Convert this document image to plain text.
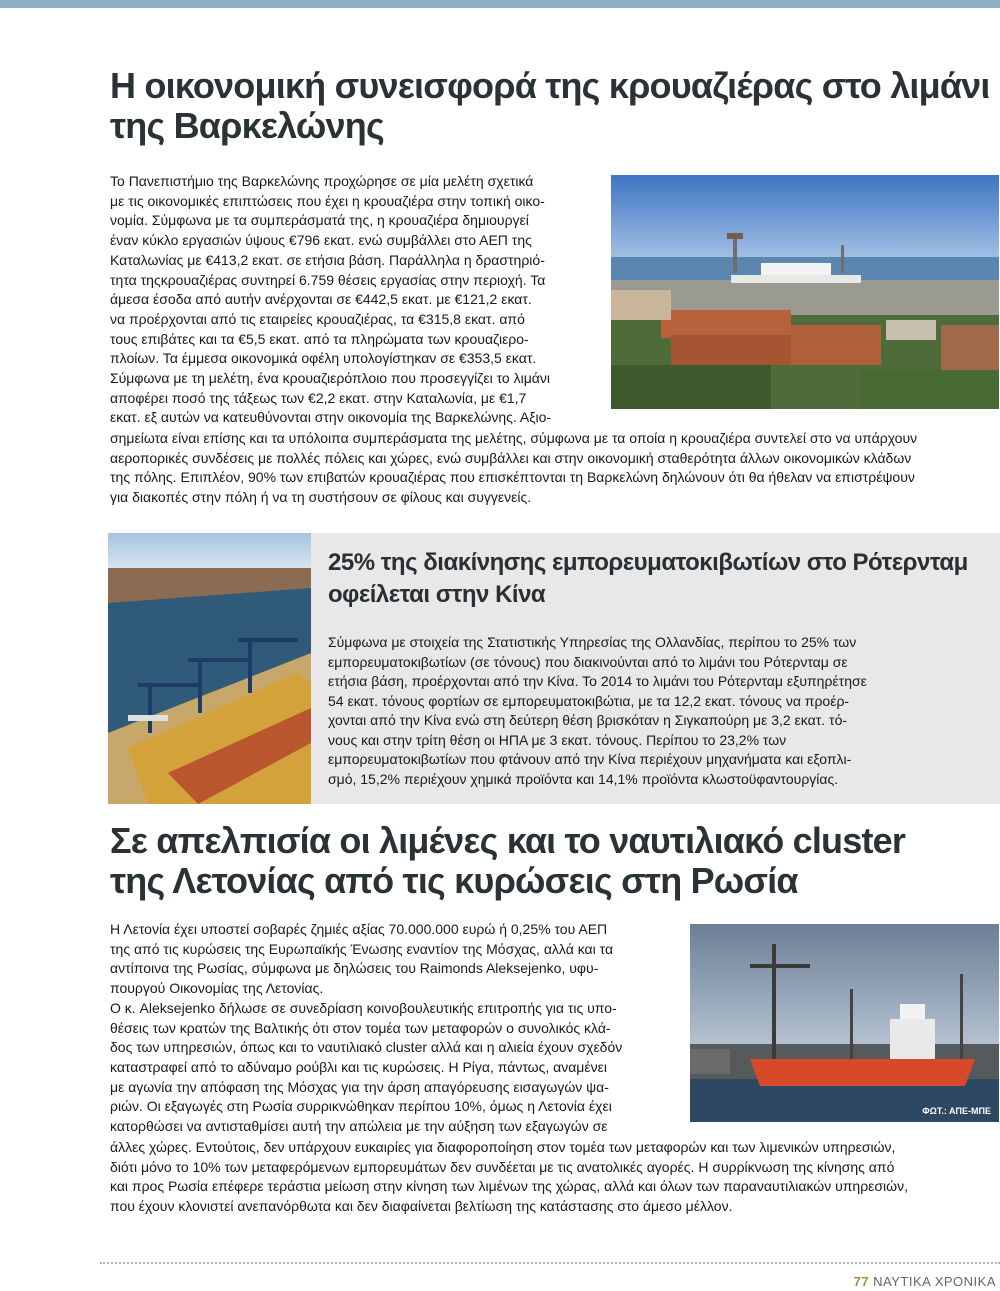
Η οικονομική συνεισφορά της κρουαζιέρας στο λιμάνι
της Βαρκελώνης
Το Πανεπιστήμιο της Βαρκελώνης προχώρησε σε μία μελέτη σχετικά
με τις οικονομικές επιπτώσεις που έχει η κρουαζιέρα στην τοπική οικο-
νομία. Σύμφωνα με τα συμπεράσματά της, η κρουαζιέρα δημιουργεί
έναν κύκλο εργασιών ύψους €796 εκατ. ενώ συμβάλλει στο ΑΕΠ της
Καταλωνίας με €413,2 εκατ. σε ετήσια βάση. Παράλληλα η δραστηριό-
τητα τηςκρουαζιέρας συντηρεί 6.759 θέσεις εργασίας στην περιοχή. Τα
άμεσα έσοδα από αυτήν ανέρχονται σε €442,5 εκατ. με €121,2 εκατ.
να προέρχονται από τις εταιρείες κρουαζιέρας, τα €315,8 εκατ. από
τους επιβάτες και τα €5,5 εκατ. από τα πληρώματα των κρουαζιερο-
πλοίων. Τα έμμεσα οικονομικά οφέλη υπολογίστηκαν σε €353,5 εκατ.
Σύμφωνα με τη μελέτη, ένα κρουαζιερόπλοιο που προσεγγίζει το λιμάνι
αποφέρει ποσό της τάξεως των €2,2 εκατ. στην Καταλωνία, με €1,7
εκατ. εξ αυτών να κατευθύνονται στην οικονομία της Βαρκελώνης. Αξιο-
σημείωτα είναι επίσης και τα υπόλοιπα συμπεράσματα της μελέτης, σύμφωνα με τα οποία η κρουαζιέρα συντελεί στο να υπάρχουν
αεροπορικές συνδέσεις με πολλές πόλεις και χώρες, ενώ συμβάλλει και στην οικονομική σταθερότητα άλλων οικονομικών κλάδων
της πόλης. Επιπλέον, 90% των επιβατών κρουαζιέρας που επισκέπτονται τη Βαρκελώνη δηλώνουν ότι θα ήθελαν να επιστρέψουν
για διακοπές στην πόλη ή να τη συστήσουν σε φίλους και συγγενείς.
25% της διακίνησης εμπορευματοκιβωτίων στο Ρότερνταμ
οφείλεται στην Κίνα
Σύμφωνα με στοιχεία της Στατιστικής Υπηρεσίας της Ολλανδίας, περίπου το 25% των
εμπορευματοκιβωτίων (σε τόνους) που διακινούνται από το λιμάνι του Ρότερνταμ σε
ετήσια βάση, προέρχονται από την Κίνα. Το 2014 το λιμάνι του Ρότερνταμ εξυπηρέτησε
54 εκατ. τόνους φορτίων σε εμπορευματοκιβώτια, με τα 12,2 εκατ. τόνους να προέρ-
χονται από την Κίνα ενώ στη δεύτερη θέση βρισκόταν η Σιγκαπούρη με 3,2 εκατ. τό-
νους και στην τρίτη θέση οι ΗΠΑ με 3 εκατ. τόνους. Περίπου το 23,2% των
εμπορευματοκιβωτίων που φτάνουν από την Κίνα περιέχουν μηχανήματα και εξοπλι-
σμό, 15,2% περιέχουν χημικά προϊόντα και 14,1% προϊόντα κλωστοϋφαντουργίας.
Σε απελπισία οι λιμένες και το ναυτιλιακό cluster
της Λετονίας από τις κυρώσεις στη Ρωσία
Η Λετονία έχει υποστεί σοβαρές ζημιές αξίας 70.000.000 ευρώ ή 0,25% του ΑΕΠ
της από τις κυρώσεις της Ευρωπαϊκής Ένωσης εναντίον της Μόσχας, αλλά και τα
αντίποινα της Ρωσίας, σύμφωνα με δηλώσεις του Raimonds Aleksejenko, υφυ-
πουργού Οικονομίας της Λετονίας.
Ο κ. Aleksejenko δήλωσε σε συνεδρίαση κοινοβουλευτικής επιτροπής για τις υπο-
θέσεις των κρατών της Βαλτικής ότι στον τομέα των μεταφορών ο συνολικός κλά-
δος των υπηρεσιών, όπως και το ναυτιλιακό cluster αλλά και η αλιεία έχουν σχεδόν
καταστραφεί από το αδύναμο ρούβλι και τις κυρώσεις. Η Ρίγα, πάντως, αναμένει
με αγωνία την απόφαση της Μόσχας για την άρση απαγόρευσης εισαγωγών ψα-
ριών. Οι εξαγωγές στη Ρωσία συρρικνώθηκαν περίπου 10%, όμως η Λετονία έχει
κατορθώσει να αντισταθμίσει αυτή την απώλεια με την αύξηση των εξαγωγών σε
ΦΩΤ.: ΑΠΕ-ΜΠΕ
άλλες χώρες. Εντούτοις, δεν υπάρχουν ευκαιρίες για διαφοροποίηση στον τομέα των μεταφορών και των λιμενικών υπηρεσιών,
διότι μόνο το 10% των μεταφερόμενων εμπορευμάτων δεν συνδέεται με τις ανατολικές αγορές. Η συρρίκνωση της κίνησης από
και προς Ρωσία επέφερε τεράστια μείωση στην κίνηση των λιμένων της χώρας, αλλά και όλων των παραναυτιλιακών υπηρεσιών,
που έχουν κλονιστεί ανεπανόρθωτα και δεν διαφαίνεται βελτίωση της κατάστασης στο άμεσο μέλλον.
77 ΝΑΥΤΙΚΑ ΧΡΟΝΙΚΑ
